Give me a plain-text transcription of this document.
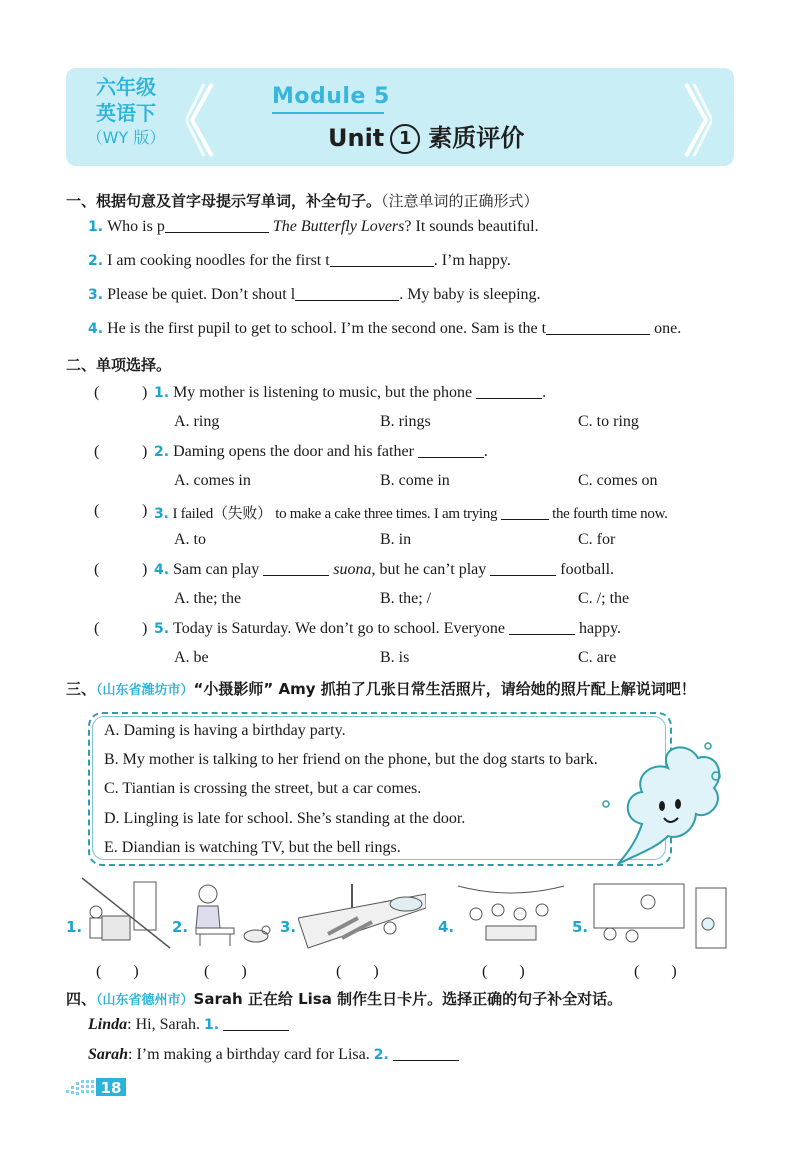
六年级
英语下
（WY 版）
Module 5
Unit 1 素质评价
一、根据句意及首字母提示写单词，补全句子。（注意单词的正确形式）
1. Who is p	The Butterfly Lovers? It sounds beautiful.
2. I am cooking noodles for the first t	. I’m happy.
3. Please be quiet. Don’t shout l	. My baby is sleeping.
4. He is the first pupil to get to school. I’m the second one. Sam is the t	one.
二、单项选择。
(	) 1. My mother is listening to music, but the phone	.
A. ring	B. rings	C. to ring
(	) 2. Daming opens the door and his father	.
A. comes in	B. come in	C. comes on
(	) 3. I failed（失败） to make a cake three times. I am trying	the fourth time now.
A. to	B. in	C. for
(	) 4. Sam can play	suona, but he can’t play	football.
A. the; the	B. the; /	C. /; the
(	) 5. Today is Saturday. We don’t go to school. Everyone	happy.
A. be	B. is	C. are
三、（山东省潍坊市）“小摄影师” Amy 抓拍了几张日常生活照片，请给她的照片配上解说词吧！
A. Daming is having a birthday party.
B. My mother is talking to her friend on the phone, but the dog starts to bark.
C. Tiantian is crossing the street, but a car comes.
D. Lingling is late for school. She’s standing at the door.
E. Diandian is watching TV, but the bell rings.
1.	2.	3.	4.	5.
(　　)	(　　)	(　　)	(　　)	(　　)
四、（山东省德州市）Sarah 正在给 Lisa 制作生日卡片。选择正确的句子补全对话。
Linda: Hi, Sarah. 1.
Sarah: I’m making a birthday card for Lisa. 2.
18
